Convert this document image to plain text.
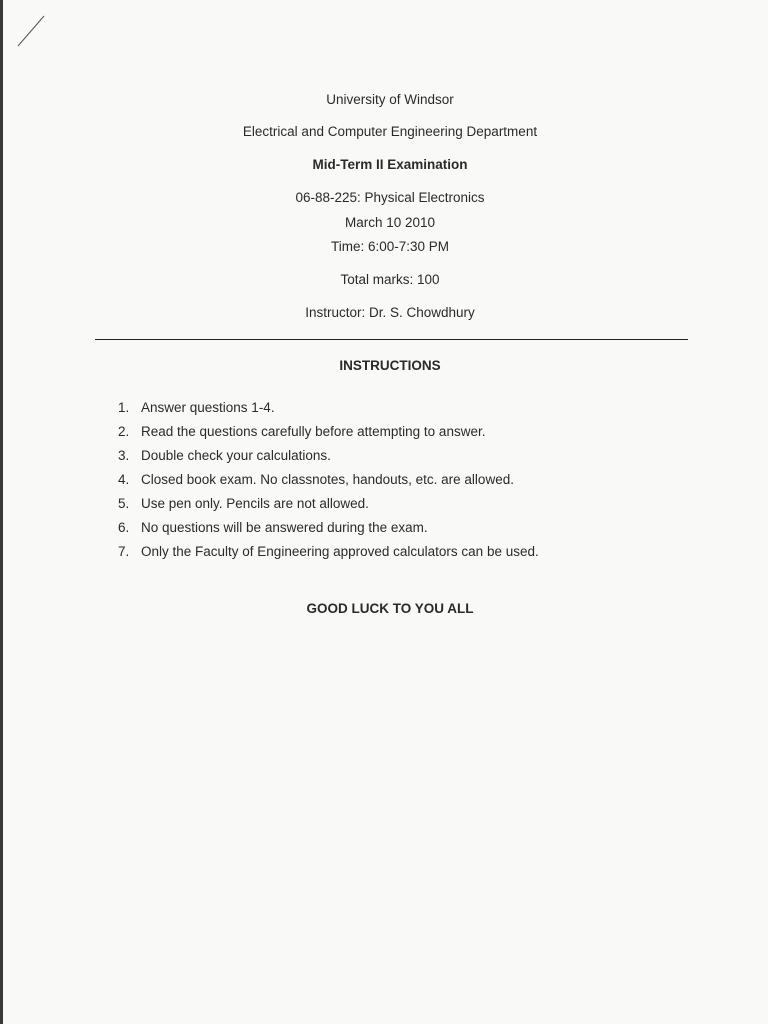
University of Windsor
Electrical and Computer Engineering Department
Mid-Term II Examination
06-88-225: Physical Electronics
March 10 2010
Time: 6:00-7:30 PM
Total marks: 100
Instructor: Dr. S. Chowdhury
INSTRUCTIONS
1. Answer questions 1-4.
2. Read the questions carefully before attempting to answer.
3. Double check your calculations.
4. Closed book exam. No classnotes, handouts, etc. are allowed.
5. Use pen only. Pencils are not allowed.
6. No questions will be answered during the exam.
7. Only the Faculty of Engineering approved calculators can be used.
GOOD LUCK TO YOU ALL
